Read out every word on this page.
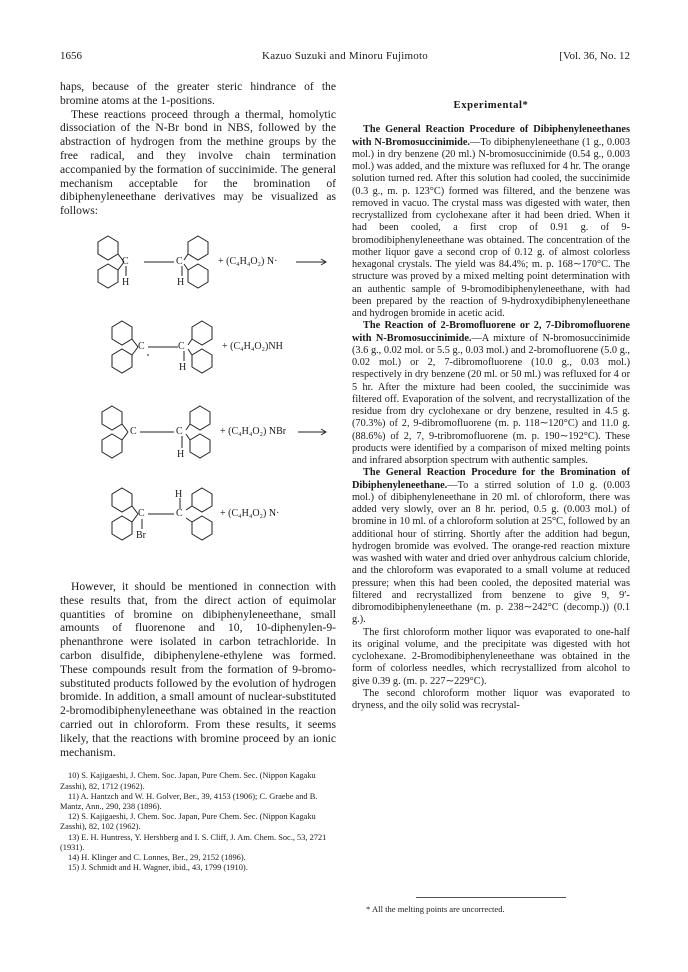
1656	Kazuo Suzuki and Minoru Fujimoto	[Vol. 36, No. 12

haps, because of the greater steric hindrance of the bromine atoms at the 1-positions.

These reactions proceed through a thermal, homolytic dissociation of the N-Br bond in NBS, followed by the abstraction of hydrogen from the methine groups by the free radical, and they involve chain termination accompanied by the formation of succinimide. The general mechanism acceptable for the bromination of dibiphenyleneethane derivatives may be visualized as follows:

C	C
H	H
+ (C₄H₄O₂) N·
C	C
H
+ (C₄H₄O₂)NH
C	C
H
+ (C₄H₄O₂) NBr
H
C	C
Br
+ (C₄H₄O₂) N·

However, it should be mentioned in connection with these results that, from the direct action of equimolar quantities of bromine on dibiphenyleneethane, small amounts of fluorenone and 10, 10-diphenylen-9-phenanthrone were isolated in carbon tetrachloride. In carbon disulfide, dibiphenylene-ethylene was formed. These compounds result from the formation of 9-bromo-substituted products followed by the evolution of hydrogen bromide. In addition, a small amount of nuclear-substituted 2-bromodibiphenyleneethane was obtained in the reaction carried out in chloroform. From these results, it seems likely, that the reactions with bromine proceed by an ionic mechanism.

10) S. Kajigaeshi, J. Chem. Soc. Japan, Pure Chem. Sec. (Nippon Kagaku Zasshi), 82, 1712 (1962).
11) A. Hantzch and W. H. Golver, Ber., 39, 4153 (1906); C. Graebe and B. Mantz, Ann., 290, 238 (1896).
12) S. Kajigaeshi, J. Chem. Soc. Japan, Pure Chem. Sec. (Nippon Kagaku Zasshi), 82, 102 (1962).
13) E. H. Huntress, Y. Hershberg and I. S. Cliff, J. Am. Chem. Soc., 53, 2721 (1931).
14) H. Klinger and C. Lonnes, Ber., 29, 2152 (1896).
15) J. Schmidt and H. Wagner, ibid., 43, 1799 (1910).
Experimental*

The General Reaction Procedure of Dibiphenyleneethanes with N-Bromosuccinimide.—To dibiphenyleneethane (1 g., 0.003 mol.) in dry benzene (20 ml.) N-bromosuccinimide (0.54 g., 0.003 mol.) was added, and the mixture was refluxed for 4 hr. The orange solution turned red. After this solution had cooled, the succinimide (0.3 g., m. p. 123°C) formed was filtered, and the benzene was removed in vacuo. The crystal mass was digested with water, then recrystallized from cyclohexane after it had been dried. When it had been cooled, a first crop of 0.91 g. of 9-bromodibiphenyleneethane was obtained. The concentration of the mother liquor gave a second crop of 0.12 g. of almost colorless hexagonal crystals. The yield was 84.4%; m. p. 168∼170°C. The structure was proved by a mixed melting point determination with an authentic sample of 9-bromodibiphenyleneethane, with had been prepared by the reaction of 9-hydroxydibiphenyleneethane and hydrogen bromide in acetic acid.

The Reaction of 2-Bromofluorene or 2, 7-Dibromofluorene with N-Bromosuccinimide.—A mixture of N-bromosuccinimide (3.6 g., 0.02 mol. or 5.5 g., 0.03 mol.) and 2-bromofluorene (5.0 g., 0.02 mol.) or 2, 7-dibromofluorene (10.0 g., 0.03 mol.) respectively in dry benzene (20 ml. or 50 ml.) was refluxed for 4 or 5 hr. After the mixture had been cooled, the succinimide was filtered off. Evaporation of the solvent, and recrystallization of the residue from dry cyclohexane or dry benzene, resulted in 4.5 g. (70.3%) of 2, 9-dibromofluorene (m. p. 118∼120°C) and 11.0 g. (88.6%) of 2, 7, 9-tribromofluorene (m. p. 190∼192°C). These products were identified by a comparison of mixed melting points and infrared absorption spectrum with authentic samples.

The General Reaction Procedure for the Bromination of Dibiphenyleneethane.—To a stirred solution of 1.0 g. (0.003 mol.) of dibiphenyleneethane in 20 ml. of chloroform, there was added very slowly, over an 8 hr. period, 0.5 g. (0.003 mol.) of bromine in 10 ml. of a chloroform solution at 25°C, followed by an additional hour of stirring. Shortly after the addition had begun, hydrogen bromide was evolved. The orange-red reaction mixture was washed with water and dried over anhydrous calcium chloride, and the chloroform was evaporated to a small volume at reduced pressure; when this had been cooled, the deposited material was filtered and recrystallized from benzene to give 9, 9′-dibromodibiphenyleneethane (m. p. 238∼242°C (decomp.)) (0.1 g.).

The first chloroform mother liquor was evaporated to one-half its original volume, and the precipitate was digested with hot cyclohexane. 2-Bromodibiphenyleneethane was obtained in the form of colorless needles, which recrystallized from alcohol to give 0.39 g. (m. p. 227∼229°C).

The second chloroform mother liquor was evaporated to dryness, and the oily solid was recrystal-

* All the melting points are uncorrected.
